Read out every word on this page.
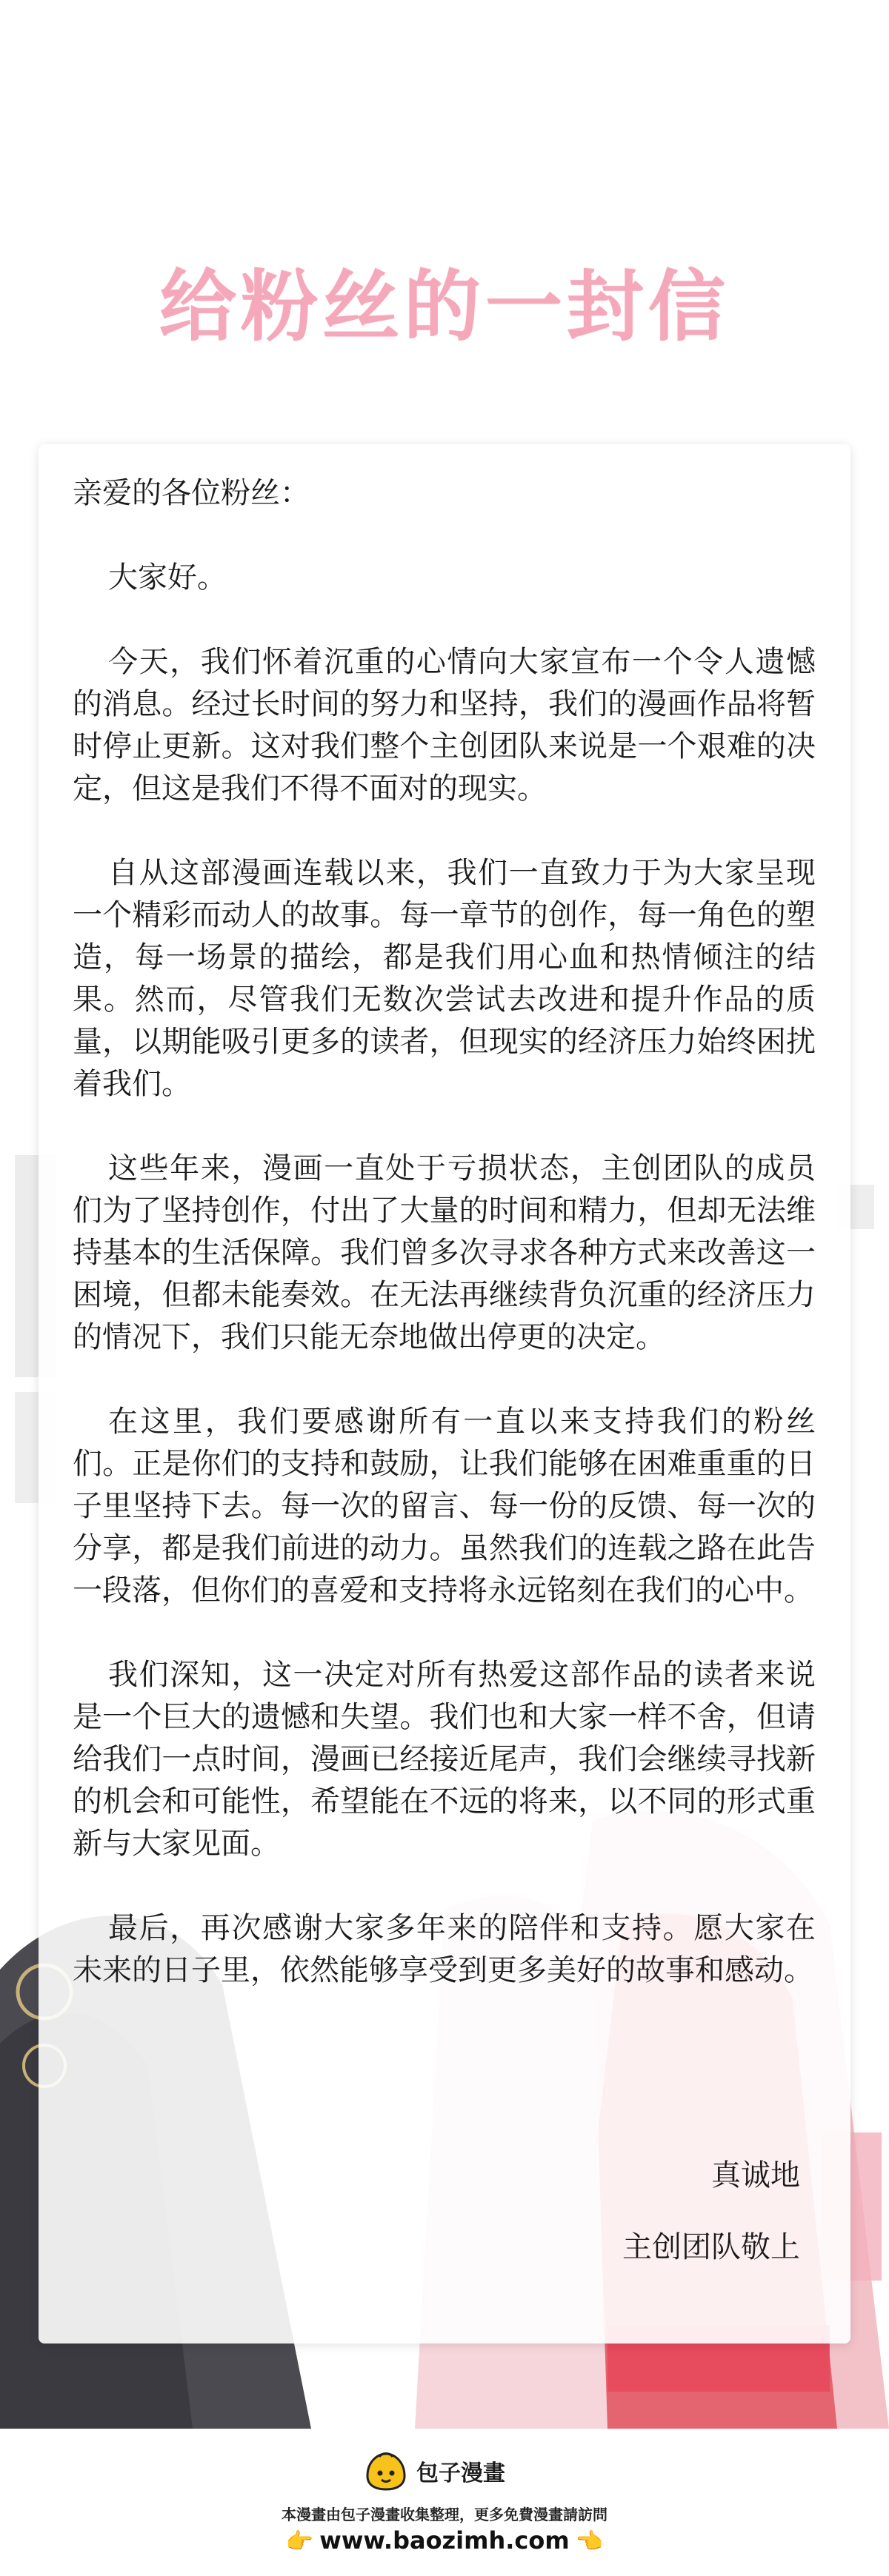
给粉丝的一封信

亲爱的各位粉丝：

大家好。

今天，我们怀着沉重的心情向大家宣布一个令人遗憾的消息。经过长时间的努力和坚持，我们的漫画作品将暂时停止更新。这对我们整个主创团队来说是一个艰难的决定，但这是我们不得不面对的现实。

自从这部漫画连载以来，我们一直致力于为大家呈现一个精彩而动人的故事。每一章节的创作，每一角色的塑造，每一场景的描绘，都是我们用心血和热情倾注的结果。然而，尽管我们无数次尝试去改进和提升作品的质量，以期能吸引更多的读者，但现实的经济压力始终困扰着我们。

这些年来，漫画一直处于亏损状态，主创团队的成员们为了坚持创作，付出了大量的时间和精力，但却无法维持基本的生活保障。我们曾多次寻求各种方式来改善这一困境，但都未能奏效。在无法再继续背负沉重的经济压力的情况下，我们只能无奈地做出停更的决定。

在这里，我们要感谢所有一直以来支持我们的粉丝们。正是你们的支持和鼓励，让我们能够在困难重重的日子里坚持下去。每一次的留言、每一份的反馈、每一次的分享，都是我们前进的动力。虽然我们的连载之路在此告一段落，但你们的喜爱和支持将永远铭刻在我们的心中。

我们深知，这一决定对所有热爱这部作品的读者来说是一个巨大的遗憾和失望。我们也和大家一样不舍，但请给我们一点时间，漫画已经接近尾声，我们会继续寻找新的机会和可能性，希望能在不远的将来，以不同的形式重新与大家见面。

最后，再次感谢大家多年来的陪伴和支持。愿大家在未来的日子里，依然能够享受到更多美好的故事和感动。

真诚地
主创团队敬上
包子漫畫
本漫畫由包子漫畫收集整理，更多免費漫畫請訪問
👉 www.baozimh.com 👈
